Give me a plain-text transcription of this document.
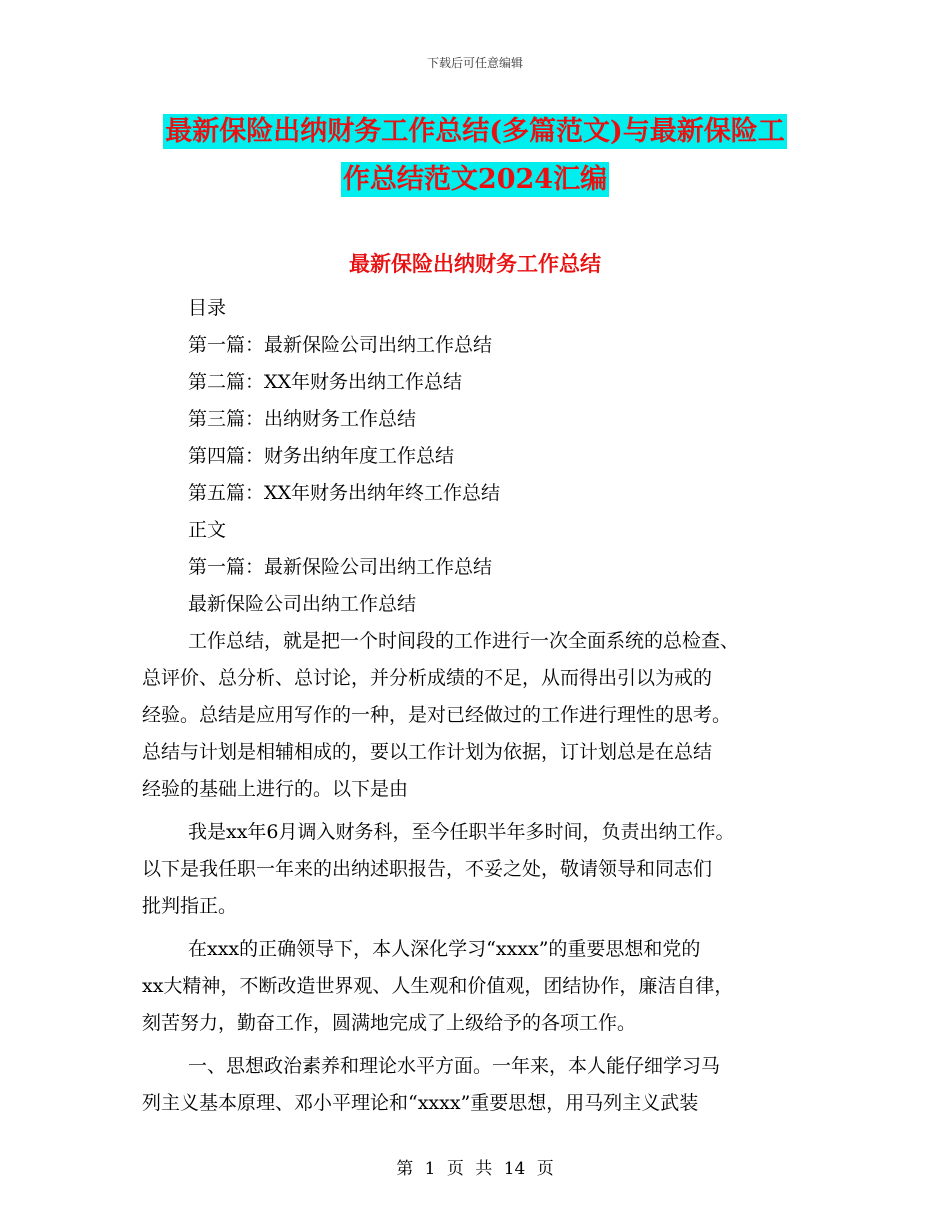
下载后可任意编辑
最新保险出纳财务工作总结(多篇范文)与最新保险工
作总结范文2024汇编
最新保险出纳财务工作总结

目录

第一篇：最新保险公司出纳工作总结

第二篇：XX年财务出纳工作总结

第三篇：出纳财务工作总结

第四篇：财务出纳年度工作总结

第五篇：XX年财务出纳年终工作总结

正文

第一篇：最新保险公司出纳工作总结

最新保险公司出纳工作总结

工作总结，就是把一个时间段的工作进行一次全面系统的总检查、

总评价、总分析、总讨论，并分析成绩的不足，从而得出引以为戒的

经验。总结是应用写作的一种，是对已经做过的工作进行理性的思考。

总结与计划是相辅相成的，要以工作计划为依据，订计划总是在总结

经验的基础上进行的。以下是由

我是xx年6月调入财务科，至今任职半年多时间，负责出纳工作。

以下是我任职一年来的出纳述职报告，不妥之处，敬请领导和同志们

批判指正。

在xxx的正确领导下，本人深化学习“xxxx”的重要思想和党的

xx大精神，不断改造世界观、人生观和价值观，团结协作，廉洁自律，

刻苦努力，勤奋工作，圆满地完成了上级给予的各项工作。

一、思想政治素养和理论水平方面。一年来，本人能仔细学习马

列主义基本原理、邓小平理论和“xxxx”重要思想，用马列主义武装

第 1 页 共 14 页
